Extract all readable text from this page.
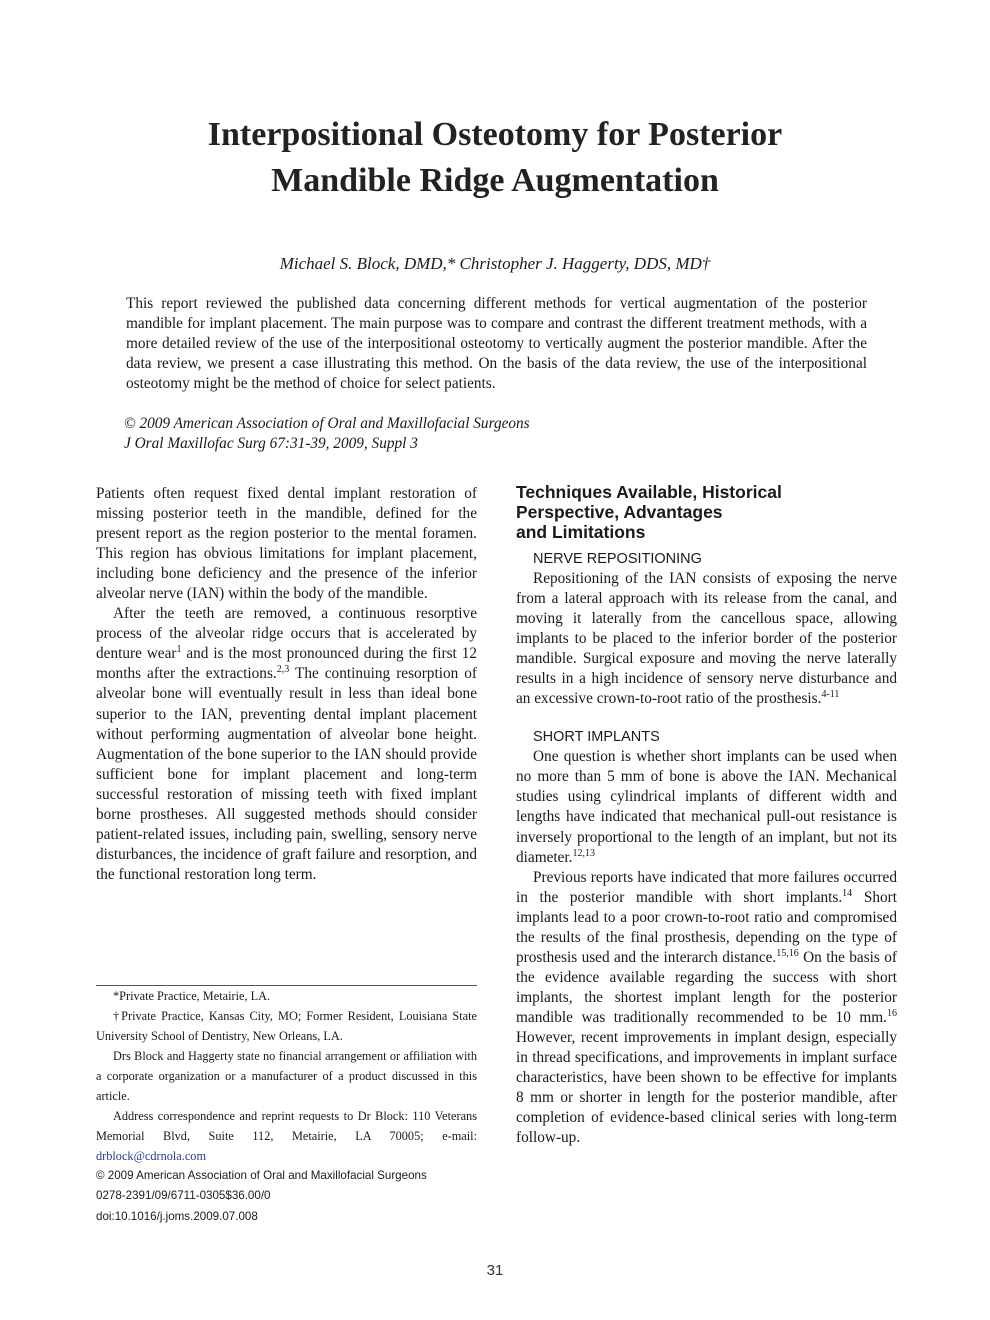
Interpositional Osteotomy for Posterior
Mandible Ridge Augmentation
Michael S. Block, DMD,* Christopher J. Haggerty, DDS, MD†

This report reviewed the published data concerning different methods for vertical augmentation of the posterior mandible for implant placement. The main purpose was to compare and contrast the different treatment methods, with a more detailed review of the use of the interpositional osteotomy to vertically augment the posterior mandible. After the data review, we present a case illustrating this method. On the basis of the data review, the use of the interpositional osteotomy might be the method of choice for select patients.

© 2009 American Association of Oral and Maxillofacial Surgeons

J Oral Maxillofac Surg 67:31-39, 2009, Suppl 3

Patients often request fixed dental implant restoration of missing posterior teeth in the mandible, defined for the present report as the region posterior to the mental foramen. This region has obvious limitations for implant placement, including bone deficiency and the presence of the inferior alveolar nerve (IAN) within the body of the mandible.

After the teeth are removed, a continuous resorptive process of the alveolar ridge occurs that is accelerated by denture wear$^1$ and is the most pronounced during the first 12 months after the extractions.$^{2,3}$ The continuing resorption of alveolar bone will eventually result in less than ideal bone superior to the IAN, preventing dental implant placement without performing augmentation of alveolar bone height. Augmentation of the bone superior to the IAN should provide sufficient bone for implant placement and long-term successful restoration of missing teeth with fixed implant borne prostheses. All suggested methods should consider patient-related issues, including pain, swelling, sensory nerve disturbances, the incidence of graft failure and resorption, and the functional restoration long term.

*Private Practice, Metairie, LA.

†Private Practice, Kansas City, MO; Former Resident, Louisiana State University School of Dentistry, New Orleans, LA.

Drs Block and Haggerty state no financial arrangement or affiliation with a corporate organization or a manufacturer of a product discussed in this article.

Address correspondence and reprint requests to Dr Block: 110 Veterans Memorial Blvd, Suite 112, Metairie, LA 70005; e-mail: drblock@cdrnola.com

© 2009 American Association of Oral and Maxillofacial Surgeons

0278-2391/09/6711-0305$36.00/0

doi:10.1016/j.joms.2009.07.008

Techniques Available, Historical
Perspective, Advantages
and Limitations
NERVE REPOSITIONING

Repositioning of the IAN consists of exposing the nerve from a lateral approach with its release from the canal, and moving it laterally from the cancellous space, allowing implants to be placed to the inferior border of the posterior mandible. Surgical exposure and moving the nerve laterally results in a high incidence of sensory nerve disturbance and an excessive crown-to-root ratio of the prosthesis.$^{4-11}$

SHORT IMPLANTS

One question is whether short implants can be used when no more than 5 mm of bone is above the IAN. Mechanical studies using cylindrical implants of different width and lengths have indicated that mechanical pull-out resistance is inversely proportional to the length of an implant, but not its diameter.$^{12,13}$

Previous reports have indicated that more failures occurred in the posterior mandible with short implants.$^{14}$ Short implants lead to a poor crown-to-root ratio and compromised the results of the final prosthesis, depending on the type of prosthesis used and the interarch distance.$^{15,16}$ On the basis of the evidence available regarding the success with short implants, the shortest implant length for the posterior mandible was traditionally recommended to be 10 mm.$^{16}$ However, recent improvements in implant design, especially in thread specifications, and improvements in implant surface characteristics, have been shown to be effective for implants 8 mm or shorter in length for the posterior mandible, after completion of evidence-based clinical series with long-term follow-up.

31
